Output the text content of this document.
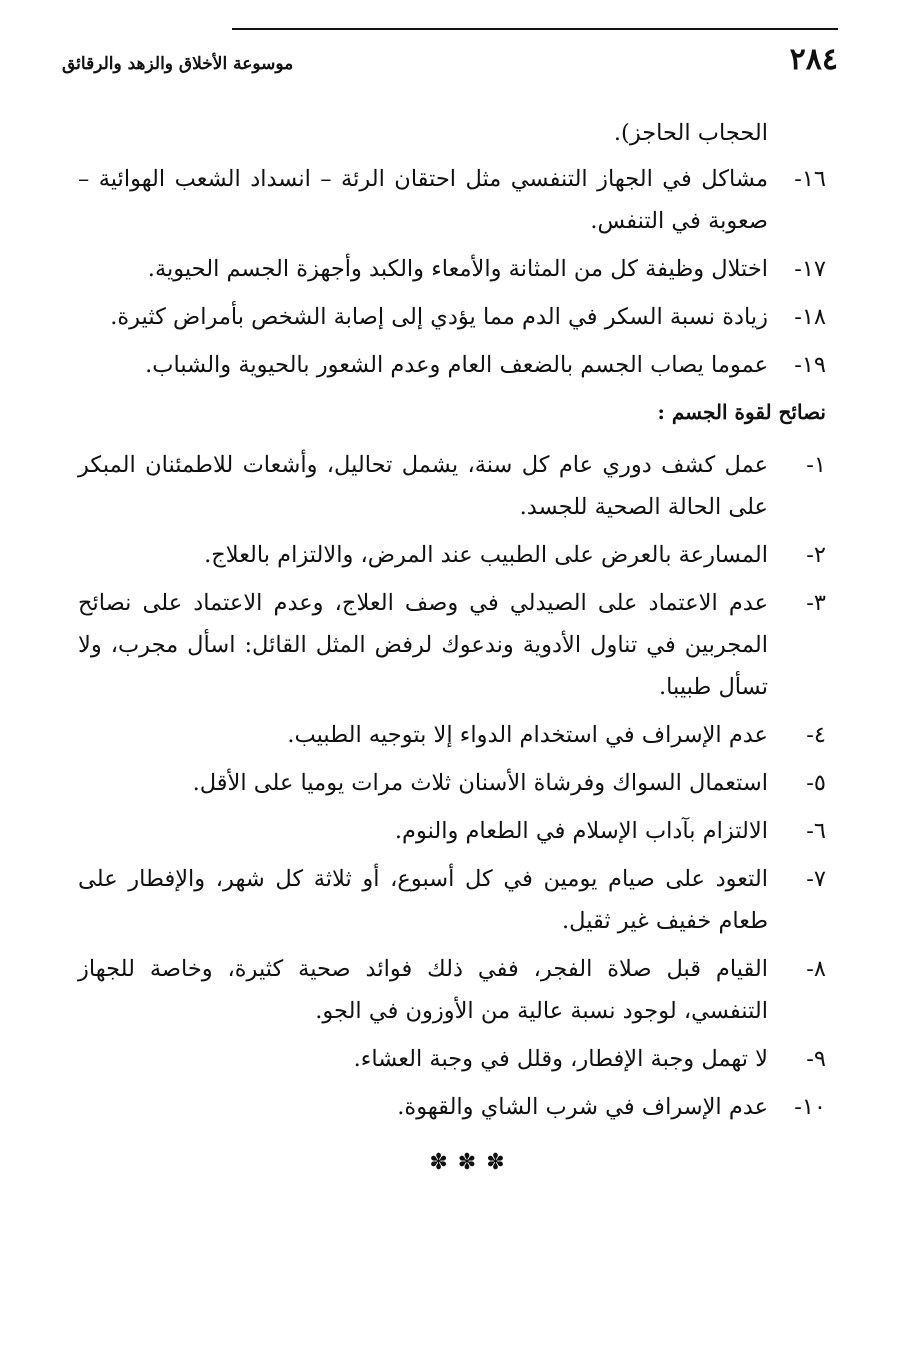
٢٨٤
موسوعة الأخلاق والزهد والرقائق
الحجاب الحاجز).
١٦-
مشاكل في الجهاز التنفسي مثل احتقان الرئة – انسداد الشعب الهوائية – صعوبة في التنفس.
١٧-
اختلال وظيفة كل من المثانة والأمعاء والكبد وأجهزة الجسم الحيوية.
١٨-
زيادة نسبة السكر في الدم مما يؤدي إلى إصابة الشخص بأمراض كثيرة.
١٩-
عموما يصاب الجسم بالضعف العام وعدم الشعور بالحيوية والشباب.
نصائح لقوة الجسم :
١-
عمل كشف دوري عام كل سنة، يشمل تحاليل، وأشعات للاطمئنان المبكر على الحالة الصحية للجسد.
٢-
المسارعة بالعرض على الطبيب عند المرض، والالتزام بالعلاج.
٣-
عدم الاعتماد على الصيدلي في وصف العلاج، وعدم الاعتماد على نصائح المجربين في تناول الأدوية وندعوك لرفض المثل القائل: اسأل مجرب، ولا تسأل طبيبا.
٤-
عدم الإسراف في استخدام الدواء إلا بتوجيه الطبيب.
٥-
استعمال السواك وفرشاة الأسنان ثلاث مرات يوميا على الأقل.
٦-
الالتزام بآداب الإسلام في الطعام والنوم.
٧-
التعود على صيام يومين في كل أسبوع، أو ثلاثة كل شهر، والإفطار على طعام خفيف غير ثقيل.
٨-
القيام قبل صلاة الفجر، ففي ذلك فوائد صحية كثيرة، وخاصة للجهاز التنفسي، لوجود نسبة عالية من الأوزون في الجو.
٩-
لا تهمل وجبة الإفطار، وقلل في وجبة العشاء.
١٠-
عدم الإسراف في شرب الشاي والقهوة.
✽✽✽
